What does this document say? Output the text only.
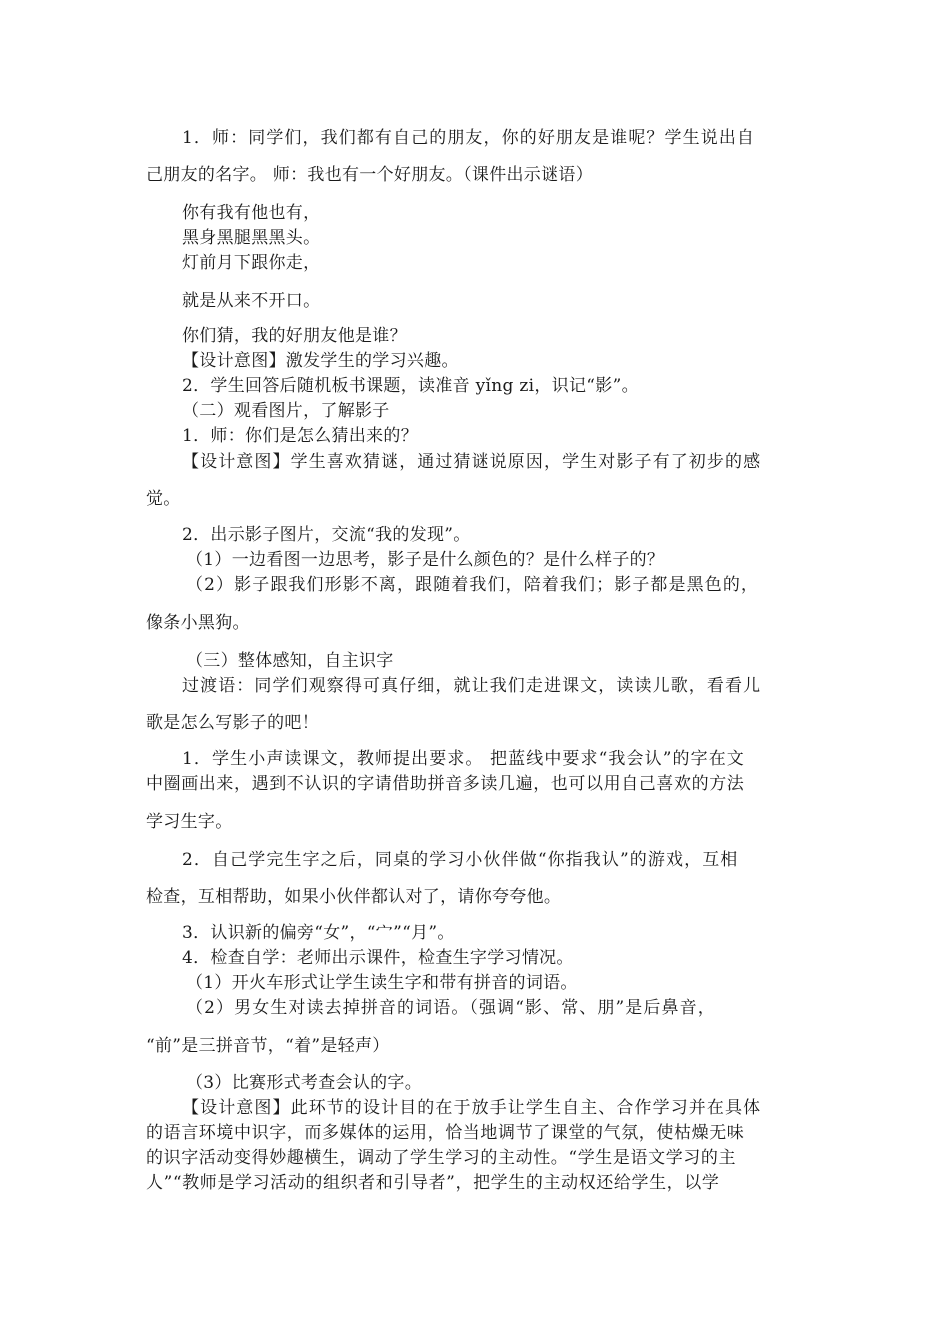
1．师：同学们，我们都有自己的朋友，你的好朋友是谁呢？学生说出自
己朋友的名字。 师：我也有一个好朋友。（课件出示谜语）
你有我有他也有，
黑身黑腿黑黑头。
灯前月下跟你走，
就是从来不开口。
你们猜，我的好朋友他是谁？
【设计意图】激发学生的学习兴趣。
2．学生回答后随机板书课题，读准音 yǐng zi，识记“影”。
（二）观看图片，了解影子
1．师：你们是怎么猜出来的？
【设计意图】学生喜欢猜谜，通过猜谜说原因，学生对影子有了初步的感
觉。
2．出示影子图片，交流“我的发现”。
（1）一边看图一边思考，影子是什么颜色的？是什么样子的？
（2）影子跟我们形影不离，跟随着我们，陪着我们；影子都是黑色的，
像条小黑狗。
（三）整体感知，自主识字
过渡语：同学们观察得可真仔细，就让我们走进课文，读读儿歌，看看儿
歌是怎么写影子的吧！
1．学生小声读课文，教师提出要求。 把蓝线中要求“我会认”的字在文
中圈画出来，遇到不认识的字请借助拼音多读几遍，也可以用自己喜欢的方法
学习生字。
2．自己学完生字之后，同桌的学习小伙伴做“你指我认”的游戏，互相
检查，互相帮助，如果小伙伴都认对了，请你夸夸他。
3．认识新的偏旁“女”，“宀”“月”。
4．检查自学：老师出示课件，检查生字学习情况。
（1）开火车形式让学生读生字和带有拼音的词语。
（2）男女生对读去掉拼音的词语。（强调“影、常、朋”是后鼻音，
“前”是三拼音节，“着”是轻声）
（3）比赛形式考查会认的字。
【设计意图】此环节的设计目的在于放手让学生自主、合作学习并在具体
的语言环境中识字，而多媒体的运用，恰当地调节了课堂的气氛，使枯燥无味
的识字活动变得妙趣横生，调动了学生学习的主动性。“学生是语文学习的主
人”“教师是学习活动的组织者和引导者”，把学生的主动权还给学生，以学
